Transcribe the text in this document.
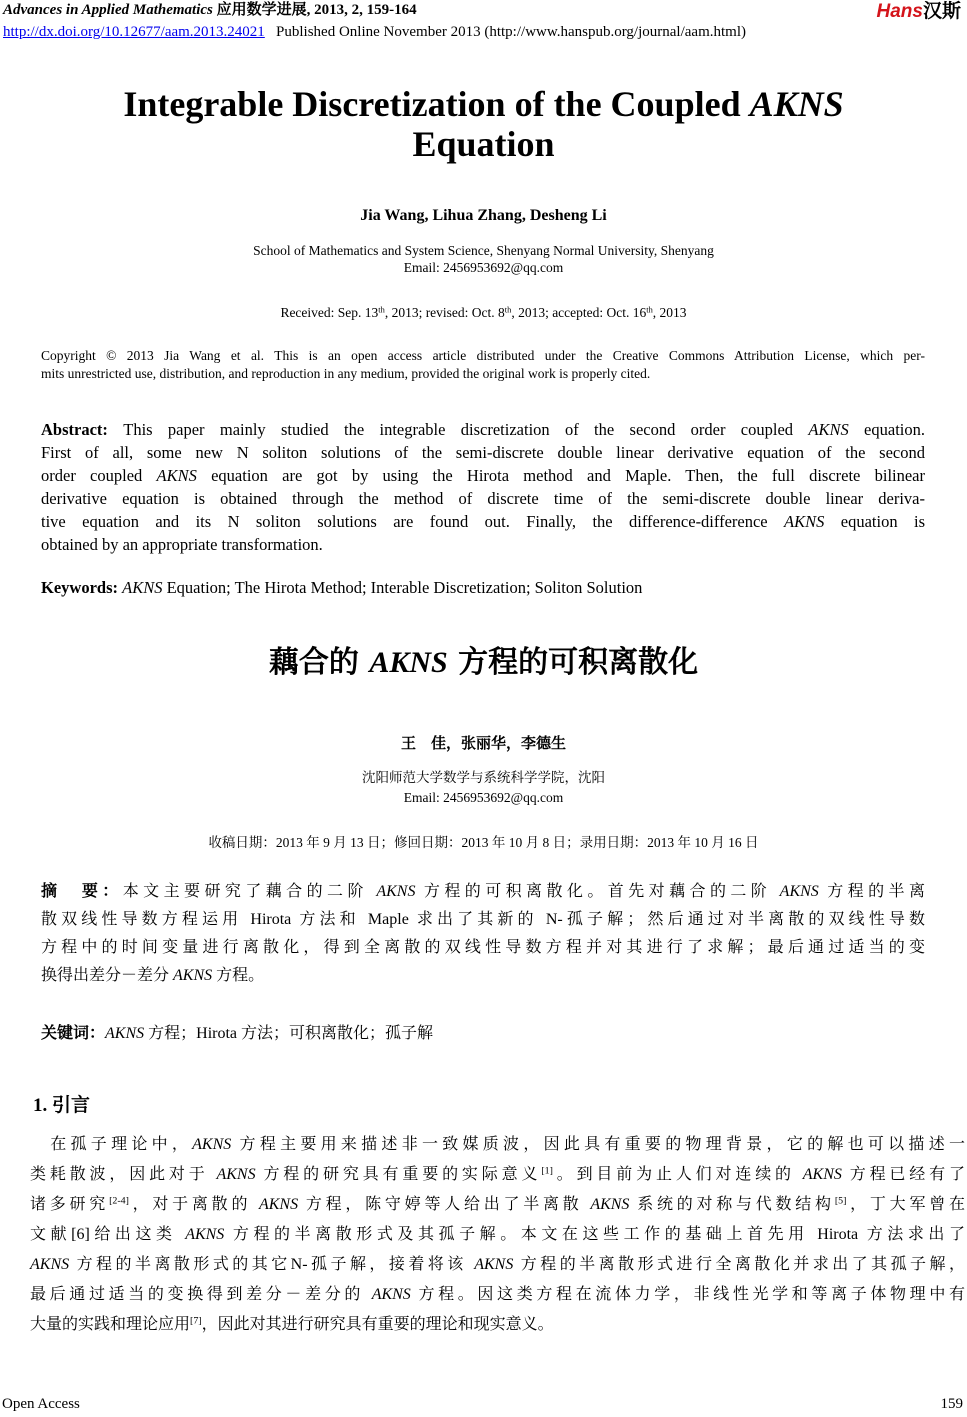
Advances in Applied Mathematics 应用数学进展, 2013, 2, 159-164
http://dx.doi.org/10.12677/aam.2013.24021 Published Online November 2013 (http://www.hanspub.org/journal/aam.html)
Hans汉斯
Integrable Discretization of the Coupled AKNS
Equation
Jia Wang, Lihua Zhang, Desheng Li
School of Mathematics and System Science, Shenyang Normal University, Shenyang
Email: 2456953692@qq.com
Received: Sep. 13th, 2013; revised: Oct. 8th, 2013; accepted: Oct. 16th, 2013
Copyright © 2013 Jia Wang et al. This is an open access article distributed under the Creative Commons Attribution License, which per-
mits unrestricted use, distribution, and reproduction in any medium, provided the original work is properly cited.
Abstract: This paper mainly studied the integrable discretization of the second order coupled AKNS equation.
First of all, some new N soliton solutions of the semi-discrete double linear derivative equation of the second
order coupled AKNS equation are got by using the Hirota method and Maple. Then, the full discrete bilinear
derivative equation is obtained through the method of discrete time of the semi-discrete double linear deriva-
tive equation and its N soliton solutions are found out. Finally, the difference-difference AKNS equation is
obtained by an appropriate transformation.
Keywords: AKNS Equation; The Hirota Method; Interable Discretization; Soliton Solution
藕合的 AKNS 方程的可积离散化
王　佳，张丽华，李德生
沈阳师范大学数学与系统科学学院，沈阳
Email: 2456953692@qq.com
收稿日期：2013 年 9 月 13 日；修回日期：2013 年 10 月 8 日；录用日期：2013 年 10 月 16 日
摘　要：本文主要研究了藕合的二阶 AKNS 方程的可积离散化。首先对藕合的二阶 AKNS 方程的半离
散双线性导数方程运用 Hirota 方法和 Maple 求出了其新的 N-孤子解；然后通过对半离散的双线性导数
方程中的时间变量进行离散化，得到全离散的双线性导数方程并对其进行了求解；最后通过适当的变
换得出差分－差分 AKNS 方程。
关键词：AKNS 方程；Hirota 方法；可积离散化；孤子解
1. 引言
　在孤子理论中，AKNS 方程主要用来描述非一致媒质波，因此具有重要的物理背景，它的解也可以描述一
类耗散波，因此对于 AKNS 方程的研究具有重要的实际意义[1]。到目前为止人们对连续的 AKNS 方程已经有了
诸多研究[2-4]，对于离散的 AKNS 方程，陈守婷等人给出了半离散 AKNS 系统的对称与代数结构[5]，丁大军曾在
文献[6]给出这类 AKNS 方程的半离散形式及其孤子解。本文在这些工作的基础上首先用 Hirota 方法求出了
AKNS 方程的半离散形式的其它N-孤子解，接着将该 AKNS 方程的半离散形式进行全离散化并求出了其孤子解，
最后通过适当的变换得到差分－差分的 AKNS 方程。因这类方程在流体力学，非线性光学和等离子体物理中有
大量的实践和理论应用[7]，因此对其进行研究具有重要的理论和现实意义。
Open Access	159
